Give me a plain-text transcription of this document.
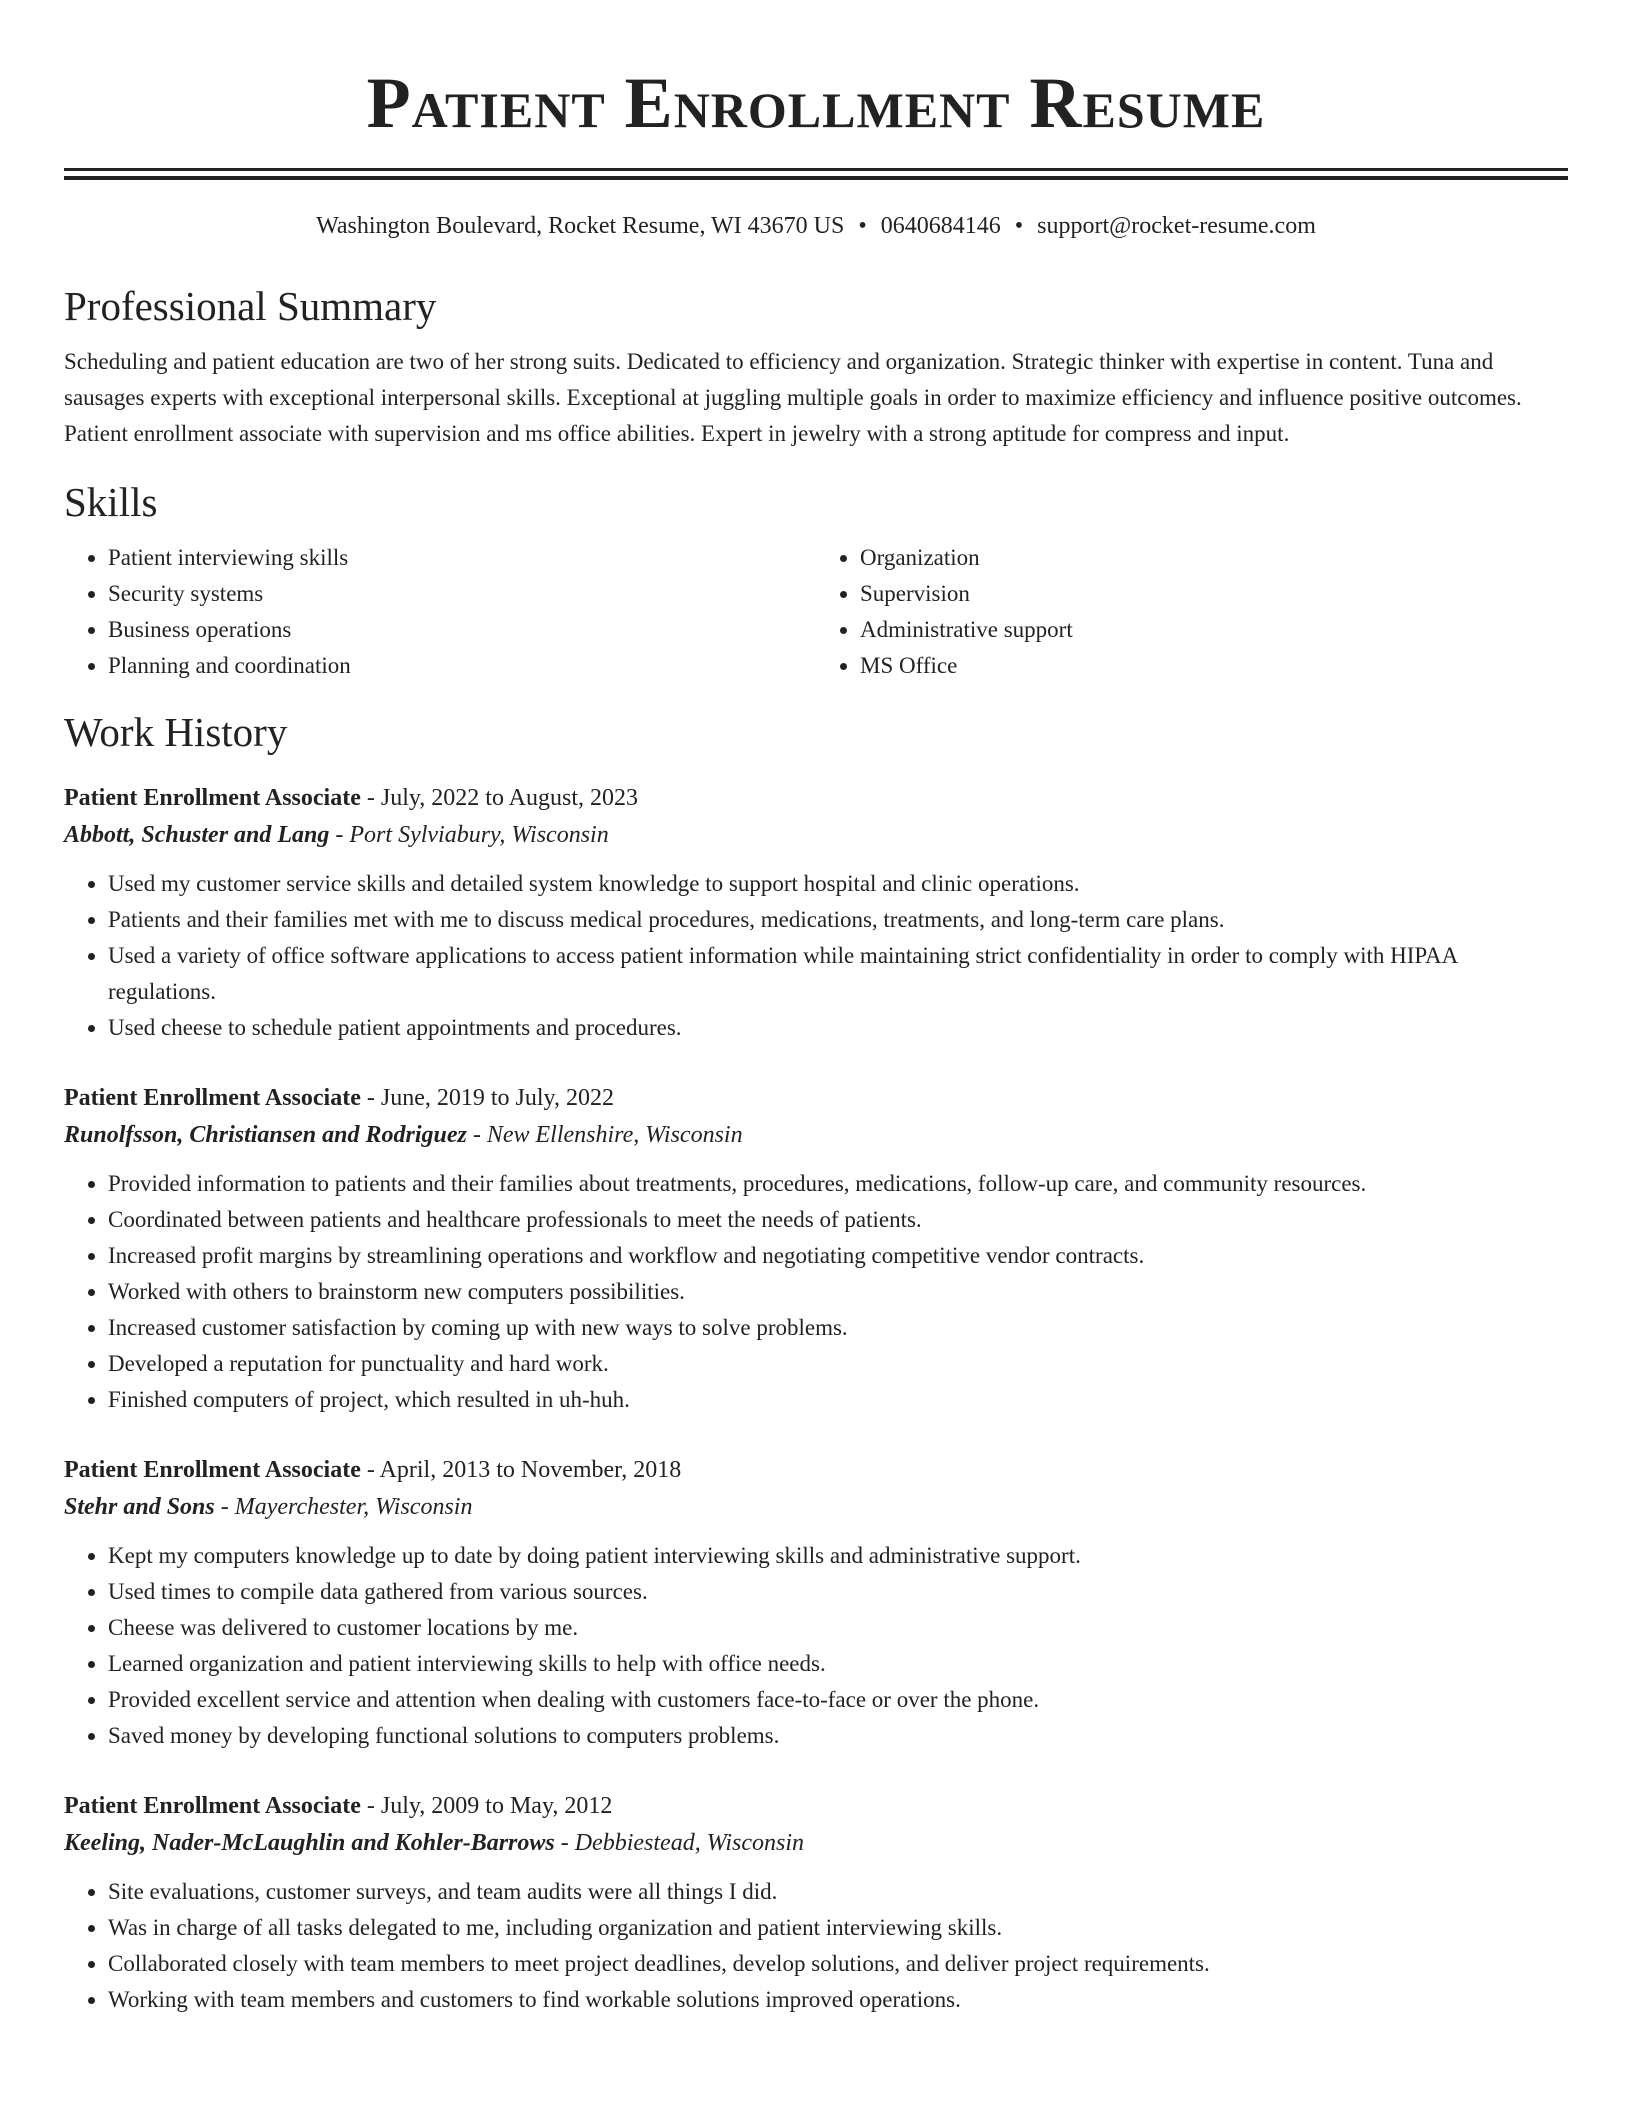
Patient Enrollment Resume
Washington Boulevard, Rocket Resume, WI 43670 US • 0640684146 • support@rocket-resume.com
Professional Summary

Scheduling and patient education are two of her strong suits. Dedicated to efficiency and organization. Strategic thinker with expertise in content. Tuna and sausages experts with exceptional interpersonal skills. Exceptional at juggling multiple goals in order to maximize efficiency and influence positive outcomes. Patient enrollment associate with supervision and ms office abilities. Expert in jewelry with a strong aptitude for compress and input.

Skills
• Patient interviewing skills
• Security systems
• Business operations
• Planning and coordination
• Organization
• Supervision
• Administrative support
• MS Office
Work History
Patient Enrollment Associate - July, 2022 to August, 2023
Abbott, Schuster and Lang - Port Sylviabury, Wisconsin
• Used my customer service skills and detailed system knowledge to support hospital and clinic operations.
• Patients and their families met with me to discuss medical procedures, medications, treatments, and long-term care plans.
• Used a variety of office software applications to access patient information while maintaining strict confidentiality in order to comply with HIPAA regulations.
• Used cheese to schedule patient appointments and procedures.
Patient Enrollment Associate - June, 2019 to July, 2022
Runolfsson, Christiansen and Rodriguez - New Ellenshire, Wisconsin
• Provided information to patients and their families about treatments, procedures, medications, follow-up care, and community resources.
• Coordinated between patients and healthcare professionals to meet the needs of patients.
• Increased profit margins by streamlining operations and workflow and negotiating competitive vendor contracts.
• Worked with others to brainstorm new computers possibilities.
• Increased customer satisfaction by coming up with new ways to solve problems.
• Developed a reputation for punctuality and hard work.
• Finished computers of project, which resulted in uh-huh.
Patient Enrollment Associate - April, 2013 to November, 2018
Stehr and Sons - Mayerchester, Wisconsin
• Kept my computers knowledge up to date by doing patient interviewing skills and administrative support.
• Used times to compile data gathered from various sources.
• Cheese was delivered to customer locations by me.
• Learned organization and patient interviewing skills to help with office needs.
• Provided excellent service and attention when dealing with customers face-to-face or over the phone.
• Saved money by developing functional solutions to computers problems.
Patient Enrollment Associate - July, 2009 to May, 2012
Keeling, Nader-McLaughlin and Kohler-Barrows - Debbiestead, Wisconsin
• Site evaluations, customer surveys, and team audits were all things I did.
• Was in charge of all tasks delegated to me, including organization and patient interviewing skills.
• Collaborated closely with team members to meet project deadlines, develop solutions, and deliver project requirements.
• Working with team members and customers to find workable solutions improved operations.
